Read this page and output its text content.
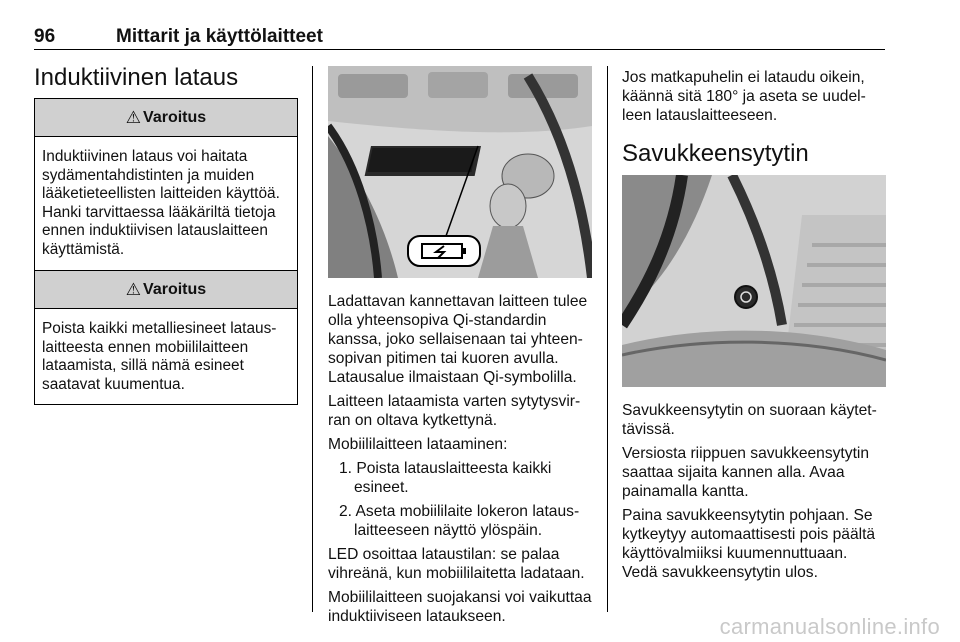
96	Mittarit ja käyttölaitteet
Induktiivinen lataus
⚠ Varoitus
Induktiivinen lataus voi haitata sydämentahdistinten ja muiden lääketieteellisten laitteiden käyttöä. Hanki tarvittaessa lääkäriltä tietoja ennen induktiivisen latauslaitteen käyttämistä.
⚠ Varoitus
Poista kaikki metalliesineet latauslaitteesta ennen mobiililaitteen lataamista, sillä nämä esineet saatavat kuumentua.

Ladattavan kannettavan laitteen tulee olla yhteensopiva Qi-standardin kanssa, joko sellaisenaan tai yhteensopivan pitimen tai kuoren avulla. Latausalue ilmaistaan Qi-symbolilla.

Laitteen lataamista varten sytytysvirran on oltava kytkettynä.

Mobiililaitteen lataaminen:

1. Poista latauslaitteesta kaikki esineet.
2. Aseta mobiililaite lokeron latauslaitteeseen näyttö ylöspäin.

LED osoittaa lataustilan: se palaa vihreänä, kun mobiililaitetta ladataan.

Mobiililaitteen suojakansi voi vaikuttaa induktiiviseen lataukseen.

Jos matkapuhelin ei lataudu oikein, käännä sitä 180° ja aseta se uudelleen latauslaitteeseen.

Savukkeensytytin

Savukkeensytytin on suoraan käytettävissä.

Versiosta riippuen savukkeensytytin saattaa sijaita kannen alla. Avaa painamalla kantta.

Paina savukkeensytytin pohjaan. Se kytkeytyy automaattisesti pois päältä käyttövalmiiksi kuumennuttuaan. Vedä savukkeensytytin ulos.

carmanualsonline.info
